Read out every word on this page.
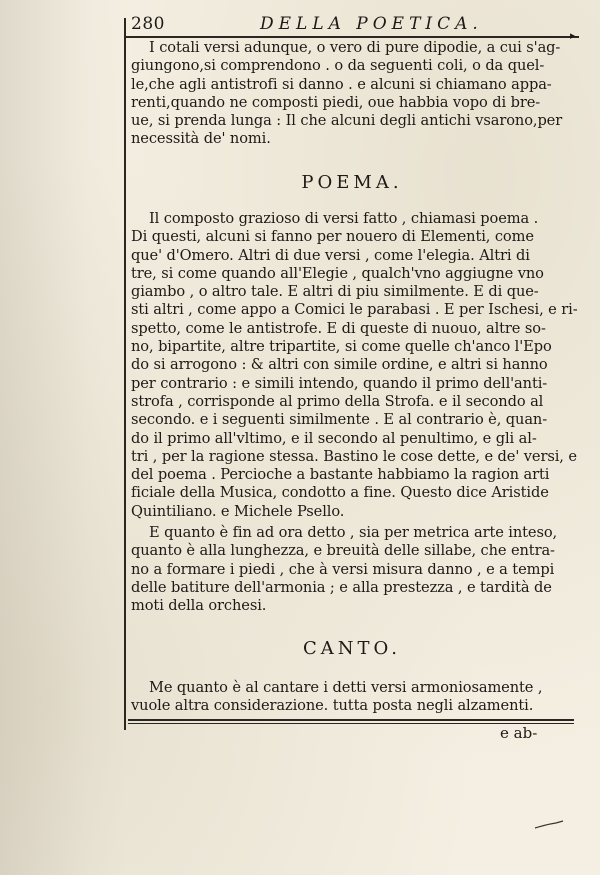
▸
280	DELLA POETICA.
I cotali versi adunque, o vero di pure dipodie, a cui s'ag-
giungono,si comprendono . o da seguenti coli, o da quel-
le,che agli antistrofi si danno . e alcuni si chiamano appa-
renti,quando ne composti piedi, oue habbia vopo di bre-
ue, si prenda lunga : Il che alcuni degli antichi vsarono,per
necessità de' nomi.
POEMA.
Il composto grazioso di versi fatto , chiamasi poema .
Di questi, alcuni si fanno per nouero di Elementi, come
que' d'Omero. Altri di due versi , come l'elegia. Altri di
tre, si come quando all'Elegie , qualch'vno aggiugne vno
giambo , o altro tale. E altri di piu similmente. E di que-
sti altri , come appo a Comici le parabasi . E per Ischesi, e ri-
spetto, come le antistrofe. E di queste di nuouo, altre so-
no, bipartite, altre tripartite, si come quelle ch'anco l'Epo
do si arrogono : & altri con simile ordine, e altri si hanno
per contrario : e simili intendo, quando il primo dell'anti-
strofa , corrisponde al primo della Strofa. e il secondo al
secondo. e i seguenti similmente . E al contrario è, quan-
do il primo all'vltimo, e il secondo al penultimo, e gli al-
tri , per la ragione stessa. Bastino le cose dette, e de' versi, e
del poema . Percioche a bastante habbiamo la ragion arti
ficiale della Musica, condotto a fine. Questo dice Aristide
Quintiliano. e Michele Psello.
E quanto è fin ad ora detto , sia per metrica arte inteso,
quanto è alla lunghezza, e breuità delle sillabe, che entra-
no a formare i piedi , che à versi misura danno , e a tempi
delle batiture dell'armonia ; e alla prestezza , e tardità de
moti della orchesi.
CANTO.
Me quanto è al cantare i detti versi armoniosamente ,
vuole altra considerazione. tutta posta negli alzamenti.
e ab-
